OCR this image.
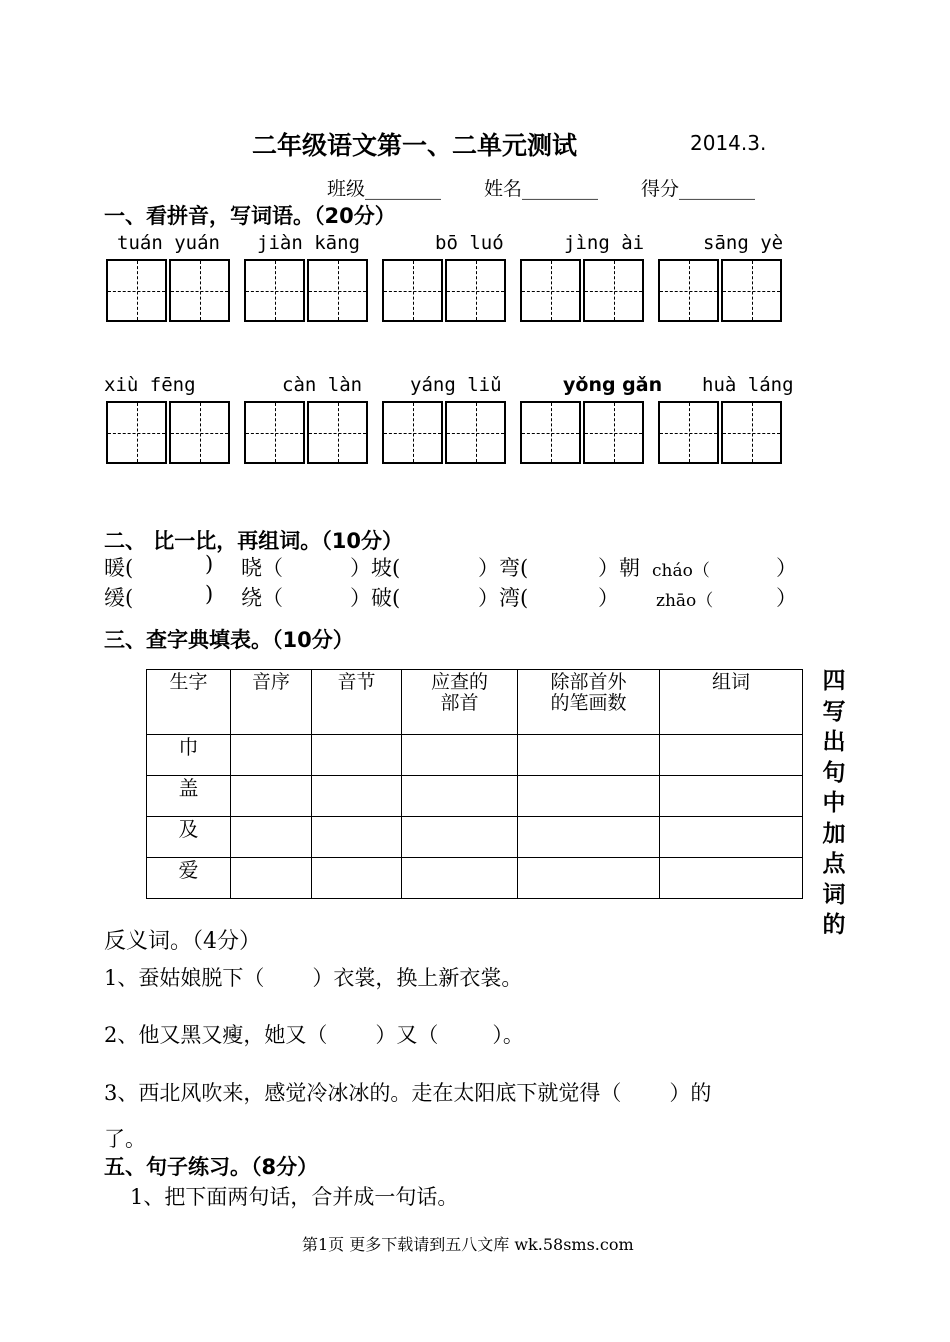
二年级语文第一、二单元测试	2014.3.
班级________ 姓名________ 得分________
一、看拼音，写词语。（20分）
tuán yuán jiàn kāng	bō luó	jìng ài	sāng yè
xiù fēng	càn làn	yáng liǔ	yǒng gǎn huà láng
二、 比一比，再组词。（10分）
暖(	) 晓（	）坡(	）弯(	）朝 cháo（	）
缓(	) 绕（	）破(	）湾(	） zhāo（	）
三、查字典填表。（10分）
生字	音序	音节	应查的部首	除部首外的笔画数	组词
巾					
盖					
及					
爱					
四
写
出
句
中
加
点
词
的
反义词。（4分）
1、蚕姑娘脱下（ ）衣裳，换上新 •衣裳。
2、他又黑 •又瘦 •，她又（ ）又（	）。
3、西北风吹来，感觉冷 •冰 •冰 •的。走在太阳底下就觉得（ ）的
了。
五、句子练习。（8分）
1、把下面两句话，合并成一句话。
第1页 更多下载请到五八文库 wk.58sms.com
